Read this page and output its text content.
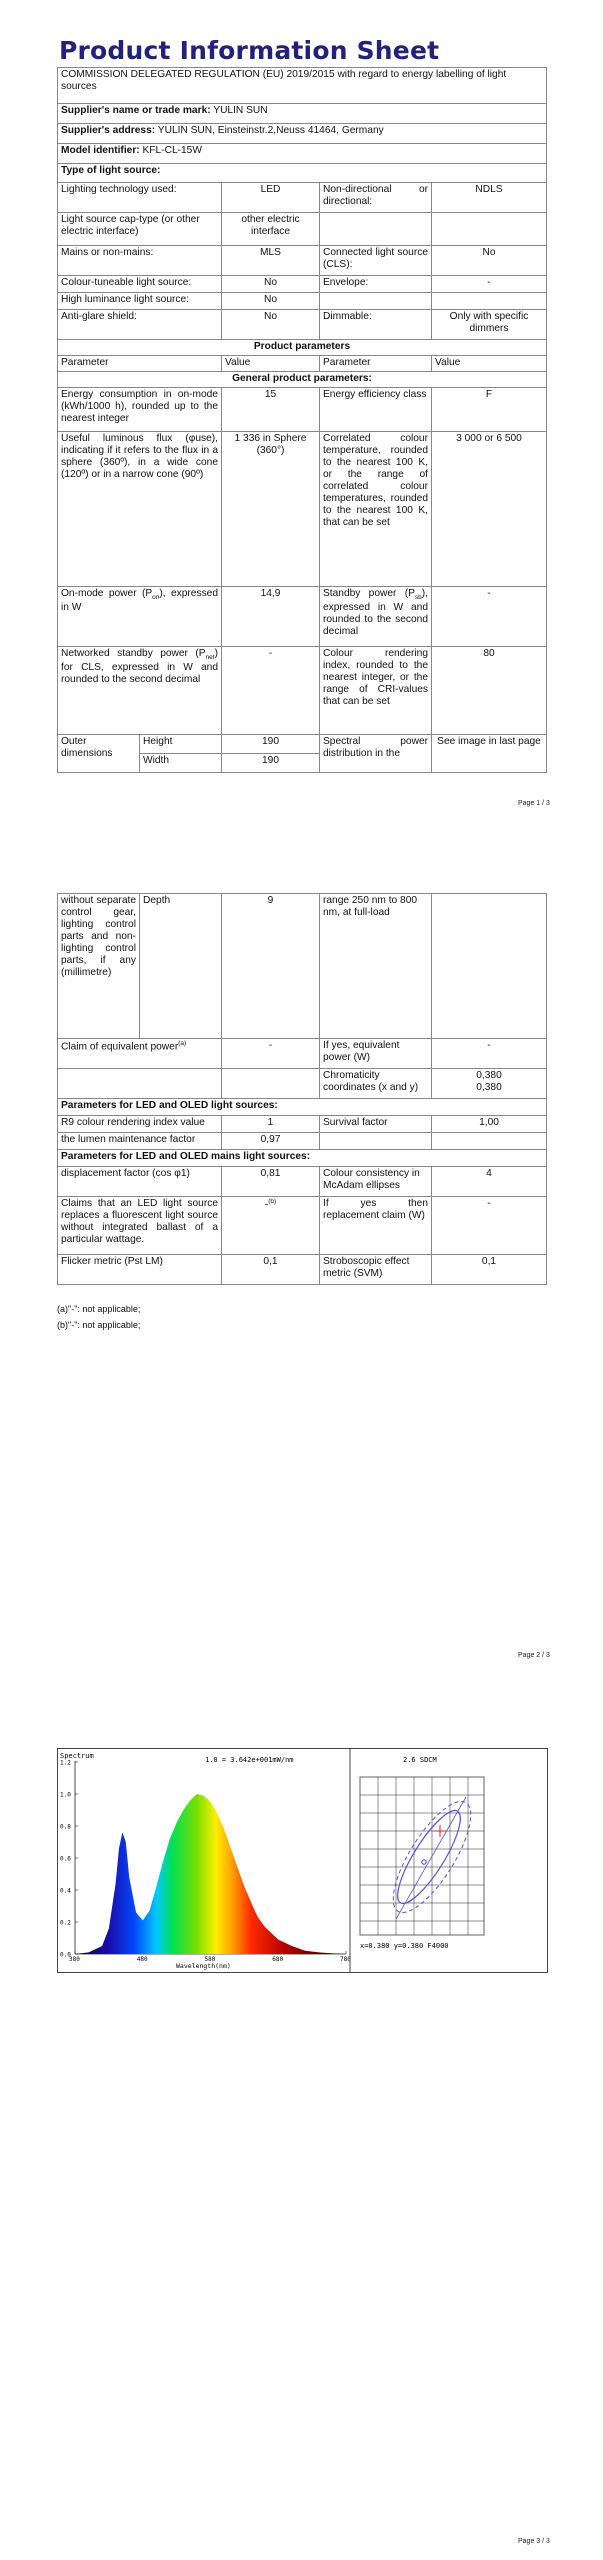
Product Information Sheet
COMMISSION DELEGATED REGULATION (EU) 2019/2015 with regard to energy labelling of light sources				
Supplier's name or trade mark: YULIN SUN				
Supplier's address: YULIN SUN, Einsteinstr.2,Neuss 41464, Germany				
Model identifier: KFL-CL-15W				
Type of light source:				
Lighting technology used:		LED	Non-directional or directional:	NDLS
Light source cap-type (or other electric interface)		other electric interface		
Mains or non-mains:		MLS	Connected light source (CLS):	No
Colour-tuneable light source:		No	Envelope:	-
High luminance light source:		No		
Anti-glare shield:		No	Dimmable:	Only with specific dimmers
Product parameters				
Parameter		Value	Parameter	Value
General product parameters:				
Energy consumption in on-mode (kWh/1000 h), rounded up to the nearest integer		15	Energy efficiency class	F
Useful luminous flux (φuse), indicating if it refers to the flux in a sphere (360º), in a wide cone (120º) or in a narrow cone (90º)		1 336 in Sphere (360°)	Correlated colour temperature, rounded to the nearest 100 K, or the range of correlated colour temperatures, rounded to the nearest 100 K, that can be set	3 000 or 6 500
On-mode power $(P_{on})$, expressed in W		14,9	Standby power $(P_{sb})$, expressed in W and rounded to the second decimal	-
Networked standby power $(P_{net})$ for CLS, expressed in W and rounded to the second decimal		-	Colour rendering index, rounded to the nearest integer, or the range of CRI-values that can be set	80
Outer dimensions	Height	190	Spectral power distribution in the	See image in last page
	Width	190		
Page 1 / 3
without separate control gear, lighting control parts and non-lighting control parts, if any (millimetre)	Depth	9	range 250 nm to 800 nm, at full-load	
Claim of equivalent power$^{(a)}$		-	If yes, equivalent power (W)	-
			Chromaticity coordinates (x and y)	0,380
0,380

Parameters for LED and OLED light sources:				
R9 colour rendering index value		1	Survival factor	1,00
the lumen maintenance factor		0,97		
Parameters for LED and OLED mains light sources:				
displacement factor (cos φ1)		0,81	Colour consistency in McAdam ellipses	4
Claims that an LED light source replaces a fluorescent light source without integrated ballast of a particular wattage.		-$^{(b)}$	If yes then replacement claim (W)	-
Flicker metric (Pst LM)		0,1	Stroboscopic effect metric (SVM)	0,1
(a)"-": not applicable;
(b)"-": not applicable;
Page 2 / 3
Spectrum	1.0 = 3.642e+001mW/nm
0.0
0.2
0.4
0.6
0.8
1.0
1.2
380	480	580	680	780
Wavelength(nm)
2.6 SDCM
x=0.380 y=0.380 F4000
Page 3 / 3
